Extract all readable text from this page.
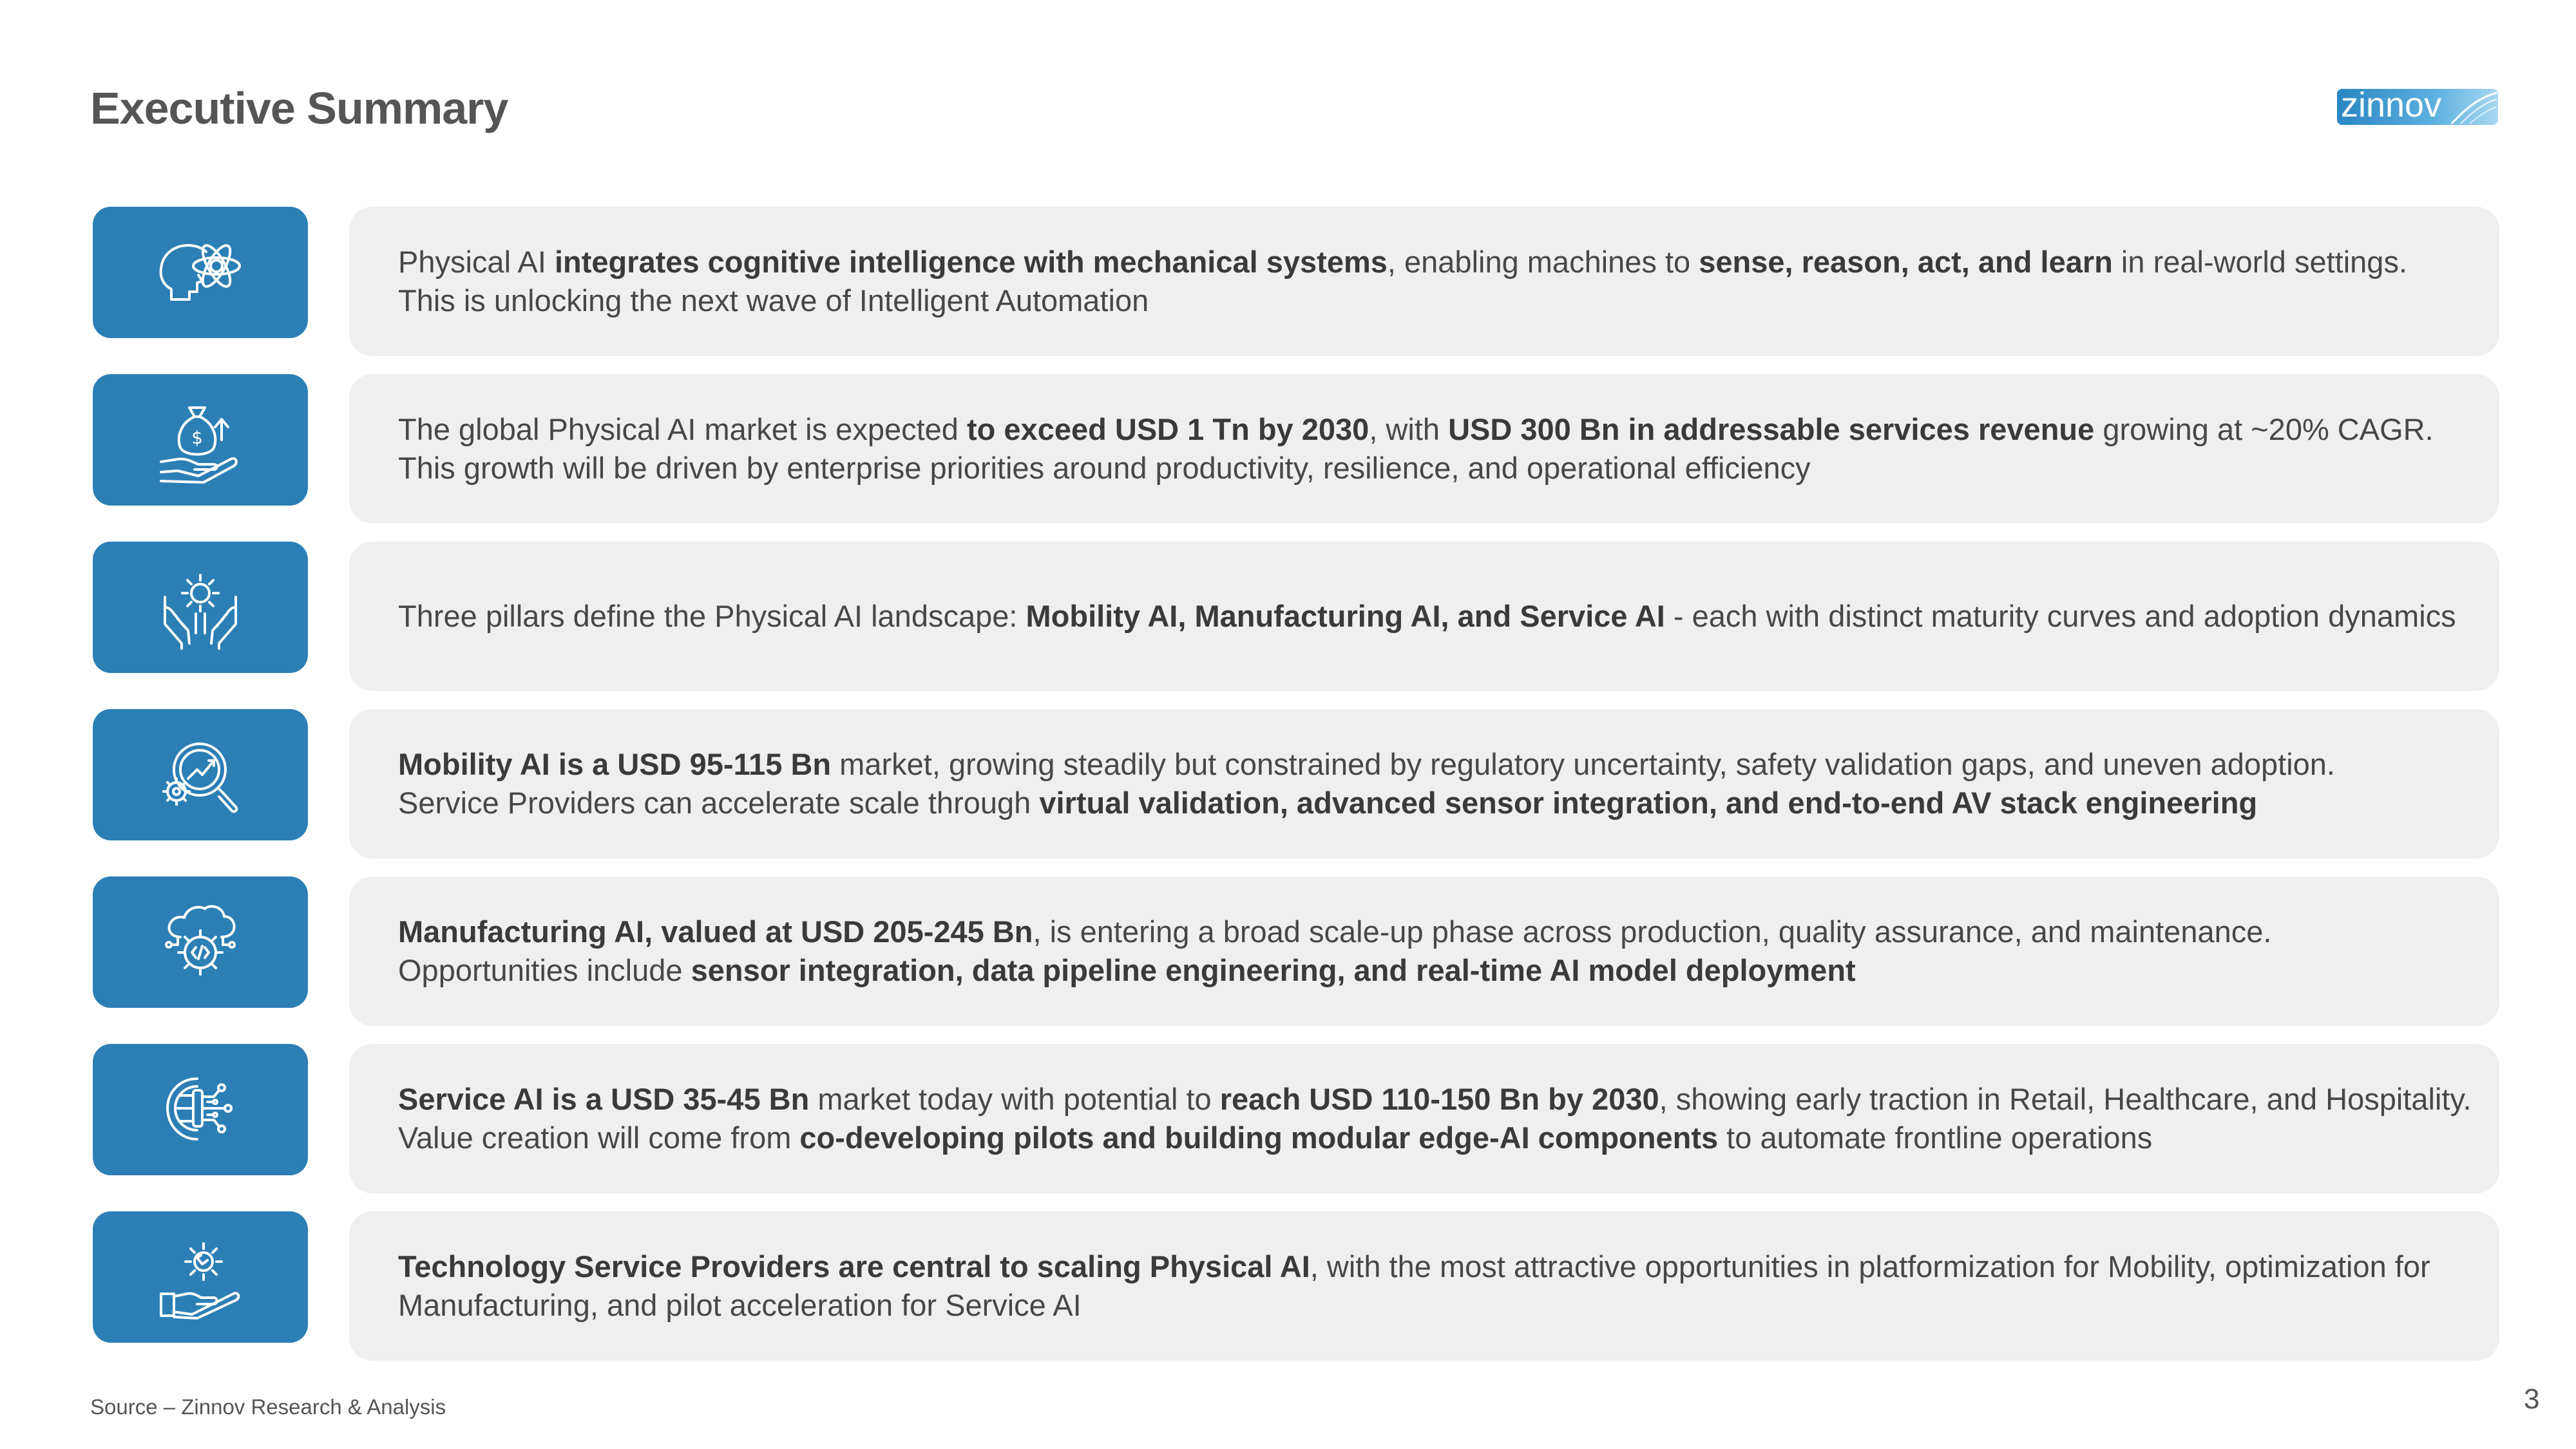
Executive Summary	zinnov
Physical AI integrates cognitive intelligence with mechanical systems, enabling machines to sense, reason, act, and learn in real-world settings.
This is unlocking the next wave of Intelligent Automation
$	The global Physical AI market is expected to exceed USD 1 Tn by 2030, with USD 300 Bn in addressable services revenue growing at ~20% CAGR.
This growth will be driven by enterprise priorities around productivity, resilience, and operational efficiency
Three pillars define the Physical AI landscape: Mobility AI, Manufacturing AI, and Service AI - each with distinct maturity curves and adoption dynamics
Mobility AI is a USD 95-115 Bn market, growing steadily but constrained by regulatory uncertainty, safety validation gaps, and uneven adoption.
Service Providers can accelerate scale through virtual validation, advanced sensor integration, and end-to-end AV stack engineering
Manufacturing AI, valued at USD 205-245 Bn, is entering a broad scale-up phase across production, quality assurance, and maintenance.
Opportunities include sensor integration, data pipeline engineering, and real-time AI model deployment
Service AI is a USD 35-45 Bn market today with potential to reach USD 110-150 Bn by 2030, showing early traction in Retail, Healthcare, and Hospitality.
Value creation will come from co-developing pilots and building modular edge-AI components to automate frontline operations
Technology Service Providers are central to scaling Physical AI, with the most attractive opportunities in platformization for Mobility, optimization for
Manufacturing, and pilot acceleration for Service AI
Source – Zinnov Research & Analysis	3
